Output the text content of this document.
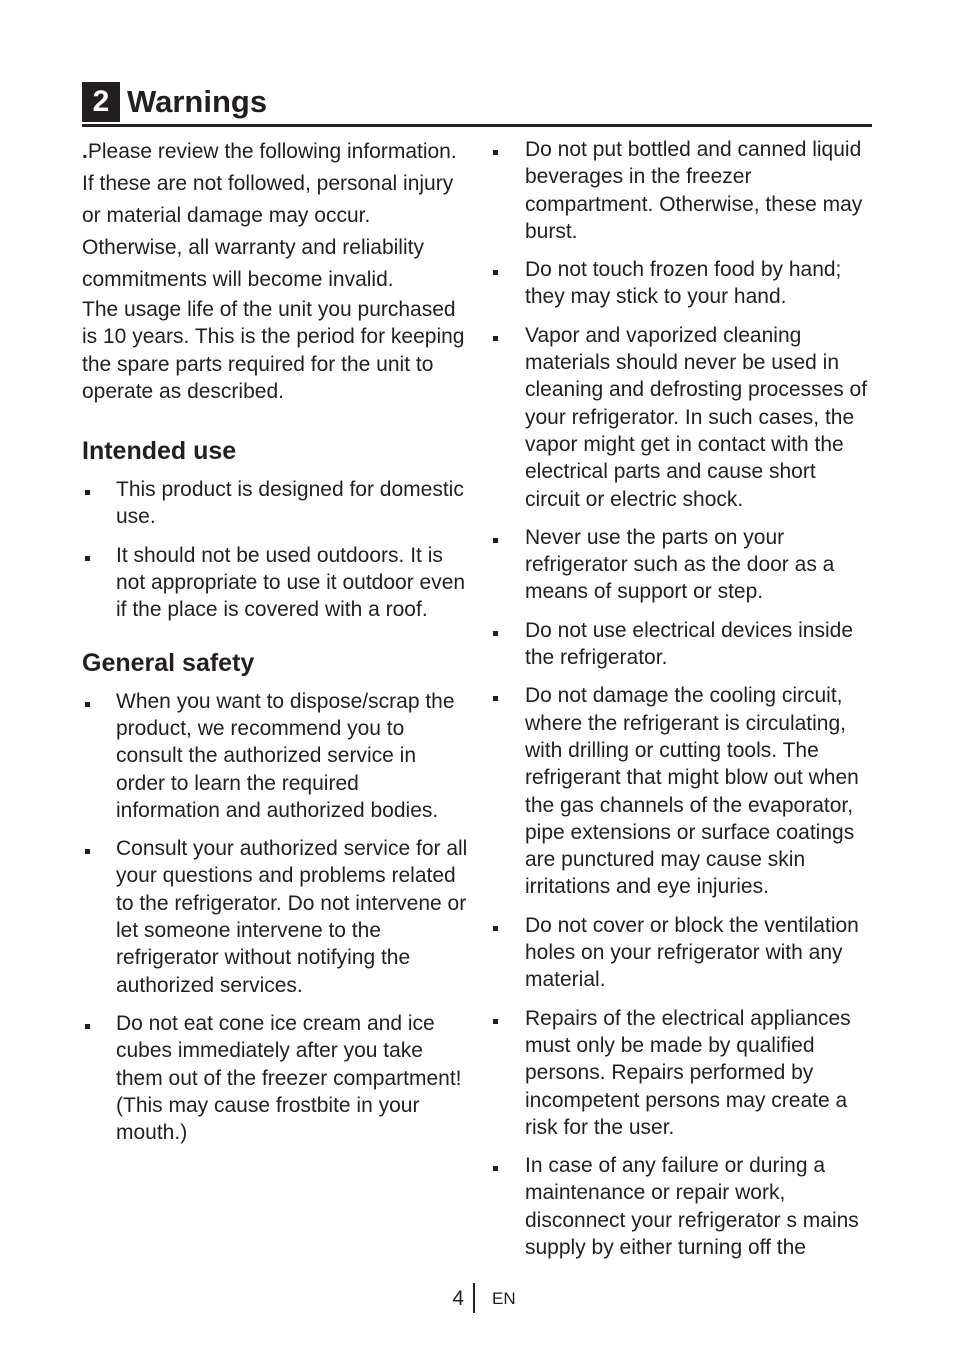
2 Warnings

.Please review the following information. If these are not followed, personal injury or material damage may occur. Otherwise, all warranty and reliability commitments will become invalid.

The usage life of the unit you purchased is 10 years. This is the period for keeping the spare parts required for the unit to operate as described.

Intended use
This product is designed for domestic use.
It should not be used outdoors. It is not appropriate to use it outdoor even if the place is covered with a roof.
General safety
When you want to dispose/scrap the product, we recommend you to consult the authorized service in order to learn the required information and authorized bodies.
Consult your authorized service for all your questions and problems related to the refrigerator. Do not intervene or let someone intervene to the refrigerator without notifying the authorized services.
Do not eat cone ice cream and ice cubes immediately after you take them out of the freezer compartment! (This may cause frostbite in your mouth.)
Do not put bottled and canned liquid beverages in the freezer compartment. Otherwise, these may burst.
Do not touch frozen food by hand; they may stick to your hand.
Vapor and vaporized cleaning materials should never be used in cleaning and defrosting processes of your refrigerator. In such cases, the vapor might get in contact with the electrical parts and cause short circuit or electric shock.
Never use the parts on your refrigerator such as the door as a means of support or step.
Do not use electrical devices inside the refrigerator.
Do not damage the cooling circuit, where the refrigerant is circulating, with drilling or cutting tools. The refrigerant that might blow out when the gas channels of the evaporator, pipe extensions or surface coatings are punctured may cause skin irritations and eye injuries.
Do not cover or block the ventilation holes on your refrigerator with any material.
Repairs of the electrical appliances must only be made by qualified persons. Repairs performed by incompetent persons may create a risk for the user.
In case of any failure or during a maintenance or repair work, disconnect your refrigerator s mains supply by either turning off the
4 EN
